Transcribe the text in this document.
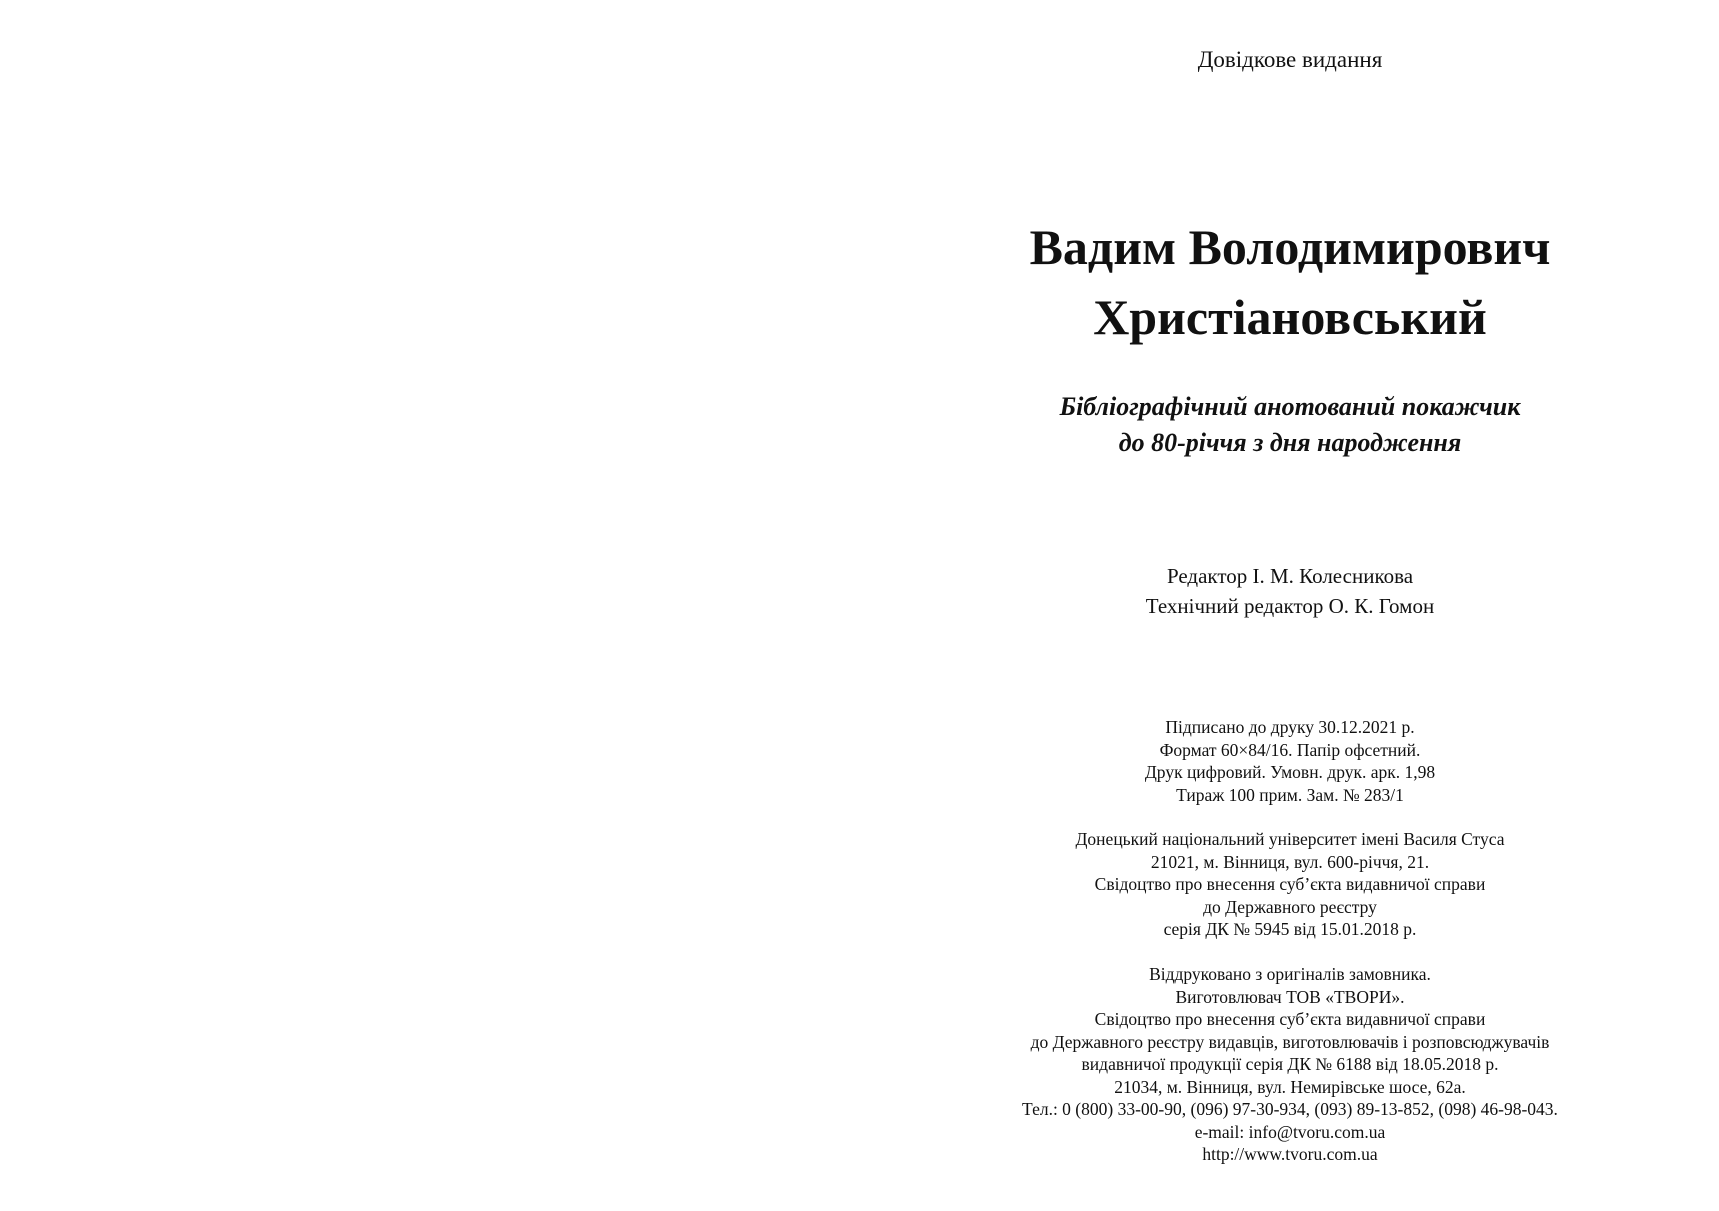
Довідкове видання
Вадим Володимирович
Христіановський
Бібліографічний анотований покажчик
до 80-річчя з дня народження
Редактор І. М. Колесникова
Технічний редактор О. К. Гомон
Підписано до друку 30.12.2021 р.
Формат 60×84/16. Папір офсетний.
Друк цифровий. Умовн. друк. арк. 1,98
Тираж 100 прим. Зам. № 283/1
Донецький національний університет імені Василя Стуса
21021, м. Вінниця, вул. 600-річчя, 21.
Свідоцтво про внесення суб’єкта видавничої справи
до Державного реєстру
серія ДК № 5945 від 15.01.2018 р.
Віддруковано з оригіналів замовника.
Виготовлювач ТОВ «ТВОРИ».
Свідоцтво про внесення суб’єкта видавничої справи
до Державного реєстру видавців, виготовлювачів і розповсюджувачів
видавничої продукції серія ДК № 6188 від 18.05.2018 р.
21034, м. Вінниця, вул. Немирівське шосе, 62а.
Тел.: 0 (800) 33-00-90, (096) 97-30-934, (093) 89-13-852, (098) 46-98-043.
e-mail: info@tvoru.com.ua
http://www.tvoru.com.ua
